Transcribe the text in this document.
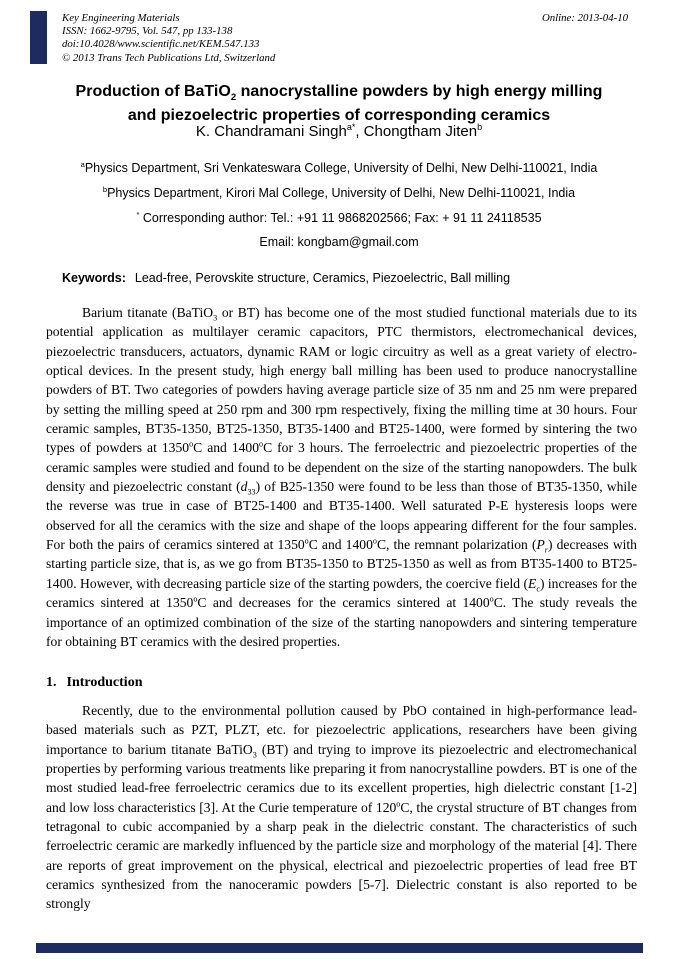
Key Engineering Materials
ISSN: 1662-9795, Vol. 547, pp 133-138
doi:10.4028/www.scientific.net/KEM.547.133
© 2013 Trans Tech Publications Ltd, Switzerland
Online: 2013-04-10
Production of BaTiO$_2$ nanocrystalline powders by high energy milling
and piezoelectric properties of corresponding ceramics
K. Chandramani Singh$^{a*}$, Chongtham Jiten$^b$
$^a$Physics Department, Sri Venkateswara College, University of Delhi, New Delhi-110021, India
$^b$Physics Department, Kirori Mal College, University of Delhi, New Delhi-110021, India
* Corresponding author: Tel.: +91 11 9868202566; Fax: + 91 11 24118535
Email: kongbam@gmail.com
Keywords: Lead-free, Perovskite structure, Ceramics, Piezoelectric, Ball milling
Barium titanate (BaTiO$_3$ or BT) has become one of the most studied functional materials due to its potential application as multilayer ceramic capacitors, PTC thermistors, electromechanical devices, piezoelectric transducers, actuators, dynamic RAM or logic circuitry as well as a great variety of electro-optical devices. In the present study, high energy ball milling has been used to produce nanocrystalline powders of BT. Two categories of powders having average particle size of 35 nm and 25 nm were prepared by setting the milling speed at 250 rpm and 300 rpm respectively, fixing the milling time at 30 hours. Four ceramic samples, BT35-1350, BT25-1350, BT35-1400 and BT25-1400, were formed by sintering the two types of powders at 1350$^o$C and 1400$^o$C for 3 hours. The ferroelectric and piezoelectric properties of the ceramic samples were studied and found to be dependent on the size of the starting nanopowders. The bulk density and piezoelectric constant $(d_{33})$ of B25-1350 were found to be less than those of BT35-1350, while the reverse was true in case of BT25-1400 and BT35-1400. Well saturated P-E hysteresis loops were observed for all the ceramics with the size and shape of the loops appearing different for the four samples. For both the pairs of ceramics sintered at 1350$^o$C and 1400$^o$C, the remnant polarization $(P_r)$ decreases with starting particle size, that is, as we go from BT35-1350 to BT25-1350 as well as from BT35-1400 to BT25-1400. However, with decreasing particle size of the starting powders, the coercive field $(E_c)$ increases for the ceramics sintered at 1350$^o$C and decreases for the ceramics sintered at 1400$^o$C. The study reveals the importance of an optimized combination of the size of the starting nanopowders and sintering temperature for obtaining BT ceramics with the desired properties.
1. Introduction
Recently, due to the environmental pollution caused by PbO contained in high-performance lead-based materials such as PZT, PLZT, etc. for piezoelectric applications, researchers have been giving importance to barium titanate BaTiO$_3$ (BT) and trying to improve its piezoelectric and electromechanical properties by performing various treatments like preparing it from nanocrystalline powders. BT is one of the most studied lead-free ferroelectric ceramics due to its excellent properties, high dielectric constant [1-2] and low loss characteristics [3]. At the Curie temperature of 120$^o$C, the crystal structure of BT changes from tetragonal to cubic accompanied by a sharp peak in the dielectric constant. The characteristics of such ferroelectric ceramic are markedly influenced by the particle size and morphology of the material [4]. There are reports of great improvement on the physical, electrical and piezoelectric properties of lead free BT ceramics synthesized from the nanoceramic powders [5-7]. Dielectric constant is also reported to be strongly
